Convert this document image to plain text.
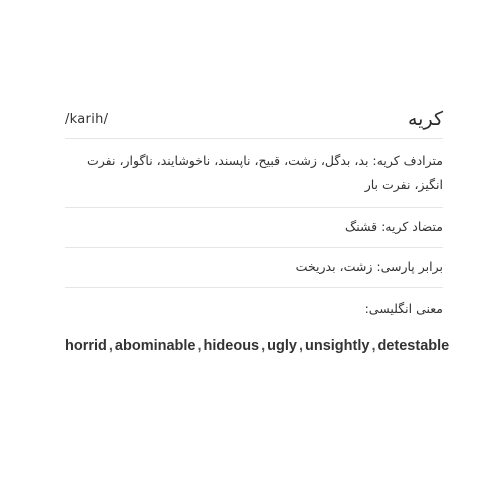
/karih/	کریه
مترادف کریه: بد، بدگل، زشت، قبیح، ناپسند، ناخوشایند، ناگوار، نفرت انگیز، نفرت بار
متضاد کریه: قشنگ
برابر پارسی: زشت، بدریخت
معنی انگلیسی:
horrid , abominable , hideous , ugly , unsightly , detestable
